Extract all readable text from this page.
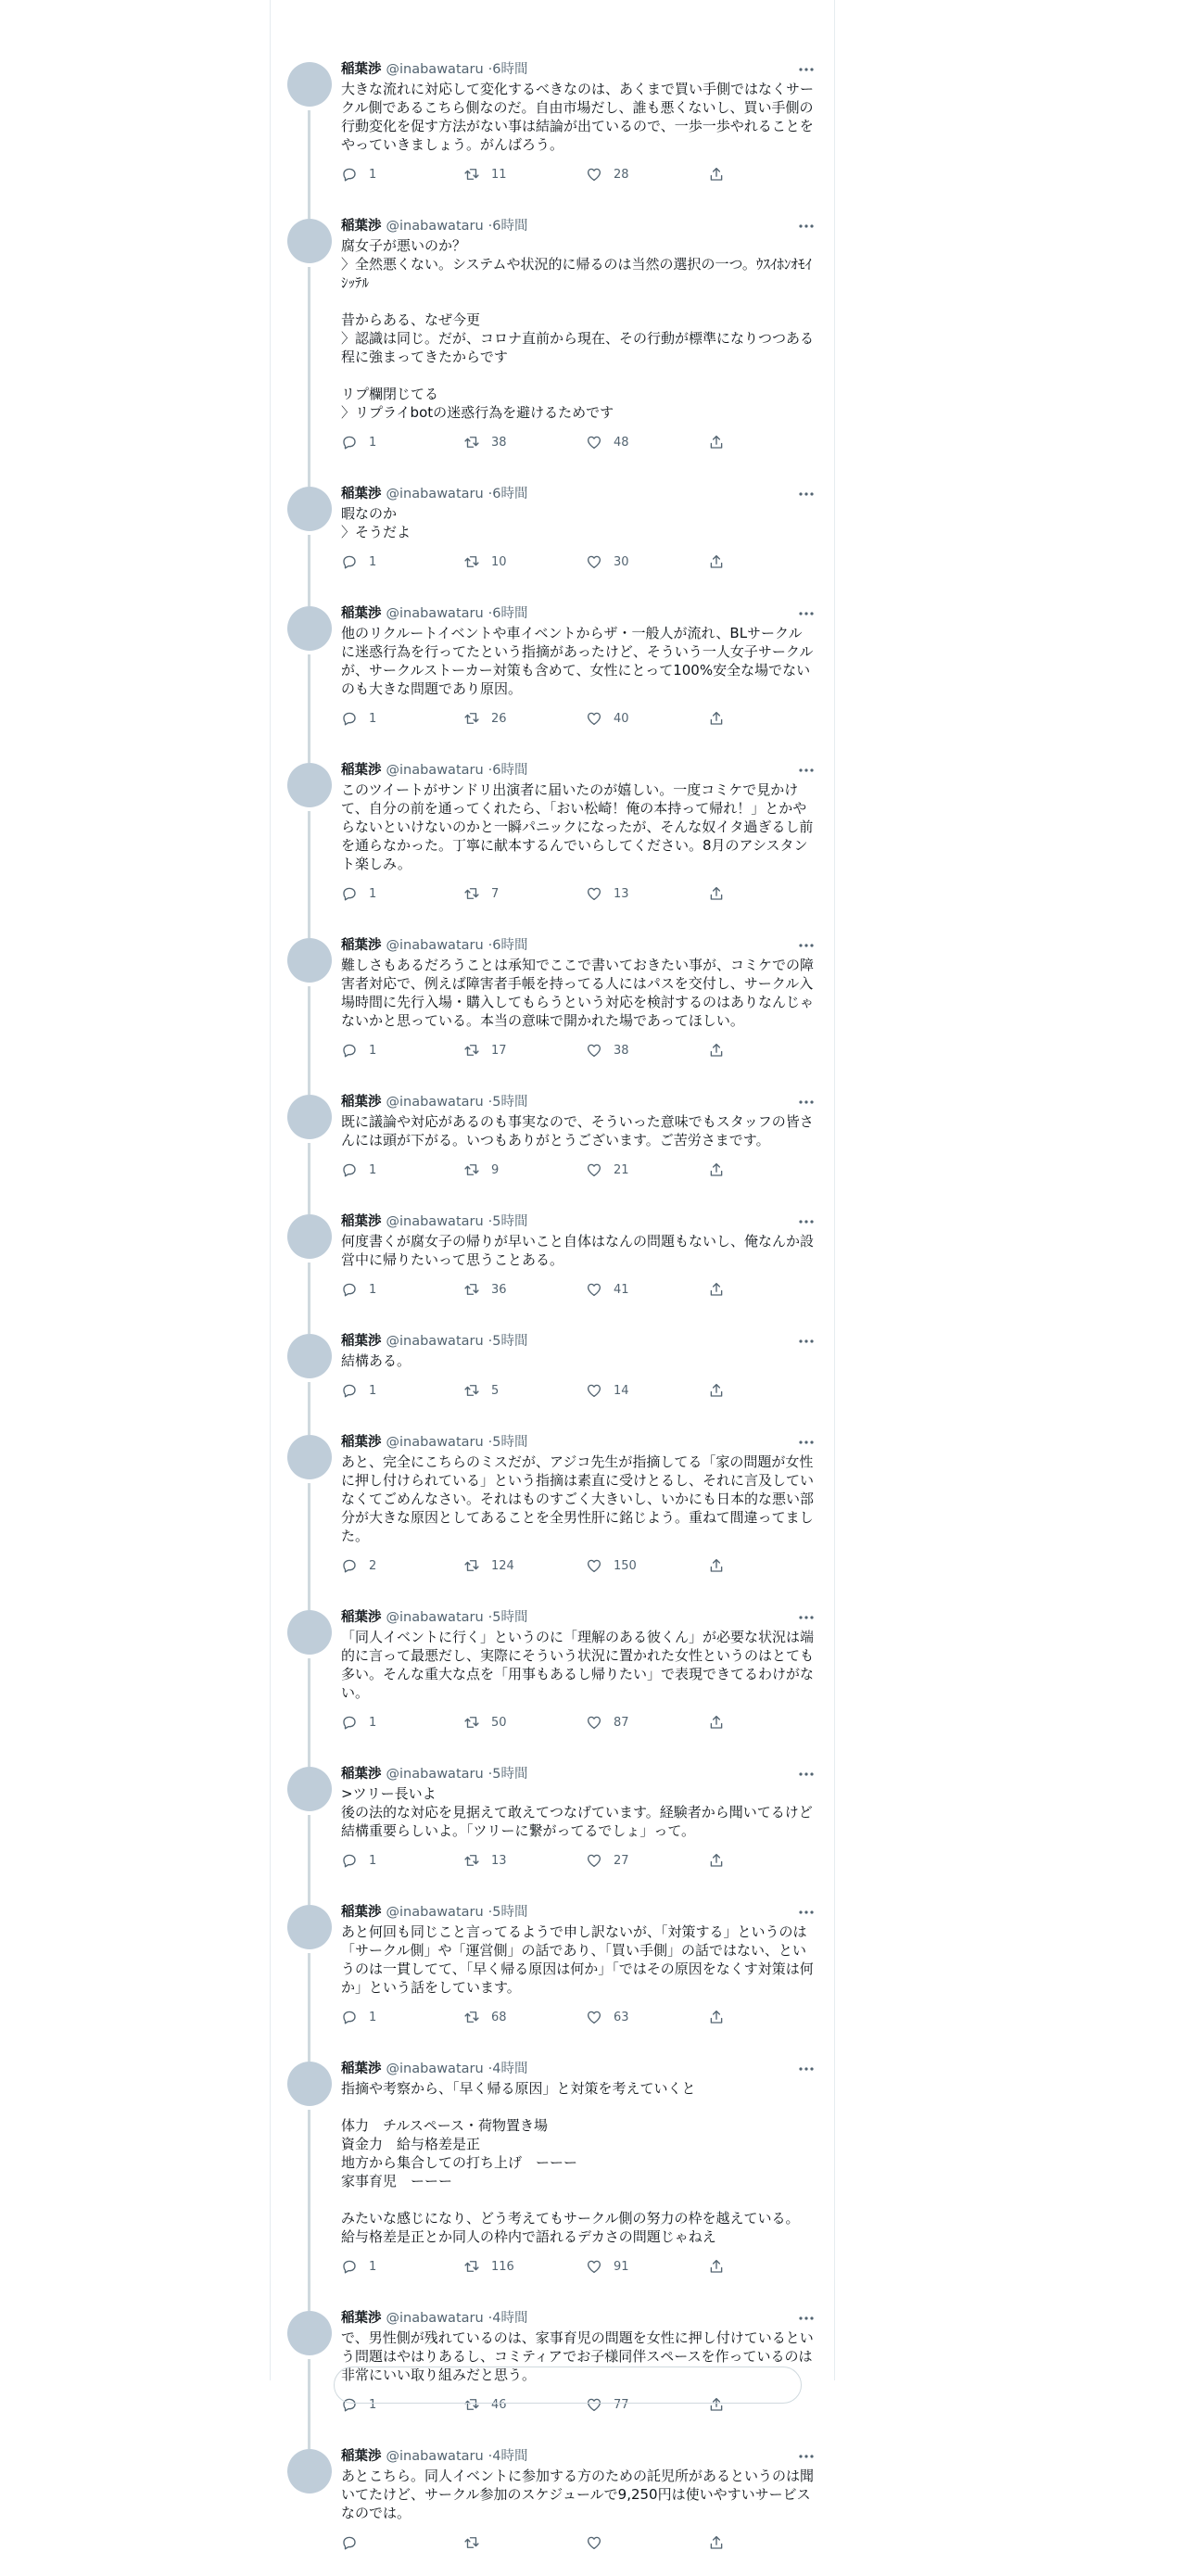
稲葉渉 @inabawataru · 6時間
大きな流れに対応して変化するべきなのは、あくまで買い手側ではなくサークル側であるこちら側なのだ。自由市場だし、誰も悪くないし、買い手側の行動変化を促す方法がない事は結論が出ているので、一歩一歩やれることをやっていきましょう。がんばろう。
1	11	28
稲葉渉 @inabawataru · 6時間
腐女子が悪いのか？
〉全然悪くない。システムや状況的に帰るのは当然の選択の一つ。ｳｽｲﾎﾝｵﾓｲｼｯﾃﾙ

昔からある、なぜ今更
〉認識は同じ。だが、コロナ直前から現在、その行動が標準になりつつある程に強まってきたからです

リプ欄閉じてる
〉リプライbotの迷惑行為を避けるためです
1	38	48
稲葉渉 @inabawataru · 6時間
暇なのか
〉そうだよ
1	10	30
稲葉渉 @inabawataru · 6時間
他のリクルートイベントや車イベントからザ・一般人が流れ、BLサークルに迷惑行為を行ってたという指摘があったけど、そういう一人女子サークルが、サークルストーカー対策も含めて、女性にとって100%安全な場でないのも大きな問題であり原因。
1	26	40
稲葉渉 @inabawataru · 6時間
このツイートがサンドリ出演者に届いたのが嬉しい。一度コミケで見かけて、自分の前を通ってくれたら、「おい松崎！俺の本持って帰れ！」とかやらないといけないのかと一瞬パニックになったが、そんな奴イタ過ぎるし前を通らなかった。丁寧に献本するんでいらしてください。8月のアシスタント楽しみ。
1	7	13
稲葉渉 @inabawataru · 6時間
難しさもあるだろうことは承知でここで書いておきたい事が、コミケでの障害者対応で、例えば障害者手帳を持ってる人にはパスを交付し、サークル入場時間に先行入場・購入してもらうという対応を検討するのはありなんじゃないかと思っている。本当の意味で開かれた場であってほしい。
1	17	38
稲葉渉 @inabawataru · 5時間
既に議論や対応があるのも事実なので、そういった意味でもスタッフの皆さんには頭が下がる。いつもありがとうございます。ご苦労さまです。
1	9	21
稲葉渉 @inabawataru · 5時間
何度書くが腐女子の帰りが早いこと自体はなんの問題もないし、俺なんか設営中に帰りたいって思うことある。
1	36	41
稲葉渉 @inabawataru · 5時間
結構ある。
1	5	14
稲葉渉 @inabawataru · 5時間
あと、完全にこちらのミスだが、アジコ先生が指摘してる「家の問題が女性に押し付けられている」という指摘は素直に受けとるし、それに言及していなくてごめんなさい。それはものすごく大きいし、いかにも日本的な悪い部分が大きな原因としてあることを全男性肝に銘じよう。重ねて間違ってました。
2	124	150
稲葉渉 @inabawataru · 5時間
「同人イベントに行く」というのに「理解のある彼くん」が必要な状況は端的に言って最悪だし、実際にそういう状況に置かれた女性というのはとても多い。そんな重大な点を「用事もあるし帰りたい」で表現できてるわけがない。
1	50	87
稲葉渉 @inabawataru · 5時間
>ツリー長いよ
後の法的な対応を見据えて敢えてつなげています。経験者から聞いてるけど結構重要らしいよ。「ツリーに繋がってるでしょ」って。
1	13	27
稲葉渉 @inabawataru · 5時間
あと何回も同じこと言ってるようで申し訳ないが、「対策する」というのは「サークル側」や「運営側」の話であり、「買い手側」の話ではない、というのは一貫してて、「早く帰る原因は何か」「ではその原因をなくす対策は何か」という話をしています。
1	68	63
稲葉渉 @inabawataru · 4時間
指摘や考察から、「早く帰る原因」と対策を考えていくと

体力　チルスペース・荷物置き場
資金力　給与格差是正
地方から集合しての打ち上げ　ーーー
家事育児　ーーー

みたいな感じになり、どう考えてもサークル側の努力の枠を越えている。
給与格差是正とか同人の枠内で語れるデカさの問題じゃねえ
1	116	91
稲葉渉 @inabawataru · 4時間
で、男性側が残れているのは、家事育児の問題を女性に押し付けているという問題はやはりあるし、コミティアでお子様同伴スペースを作っているのは非常にいい取り組みだと思う。
1	46	77
稲葉渉 @inabawataru · 4時間
あとこちら。同人イベントに参加する方のための託児所があるというのは聞いてたけど、サークル参加のスケジュールで9,250円は使いやすいサービスなのでは。
